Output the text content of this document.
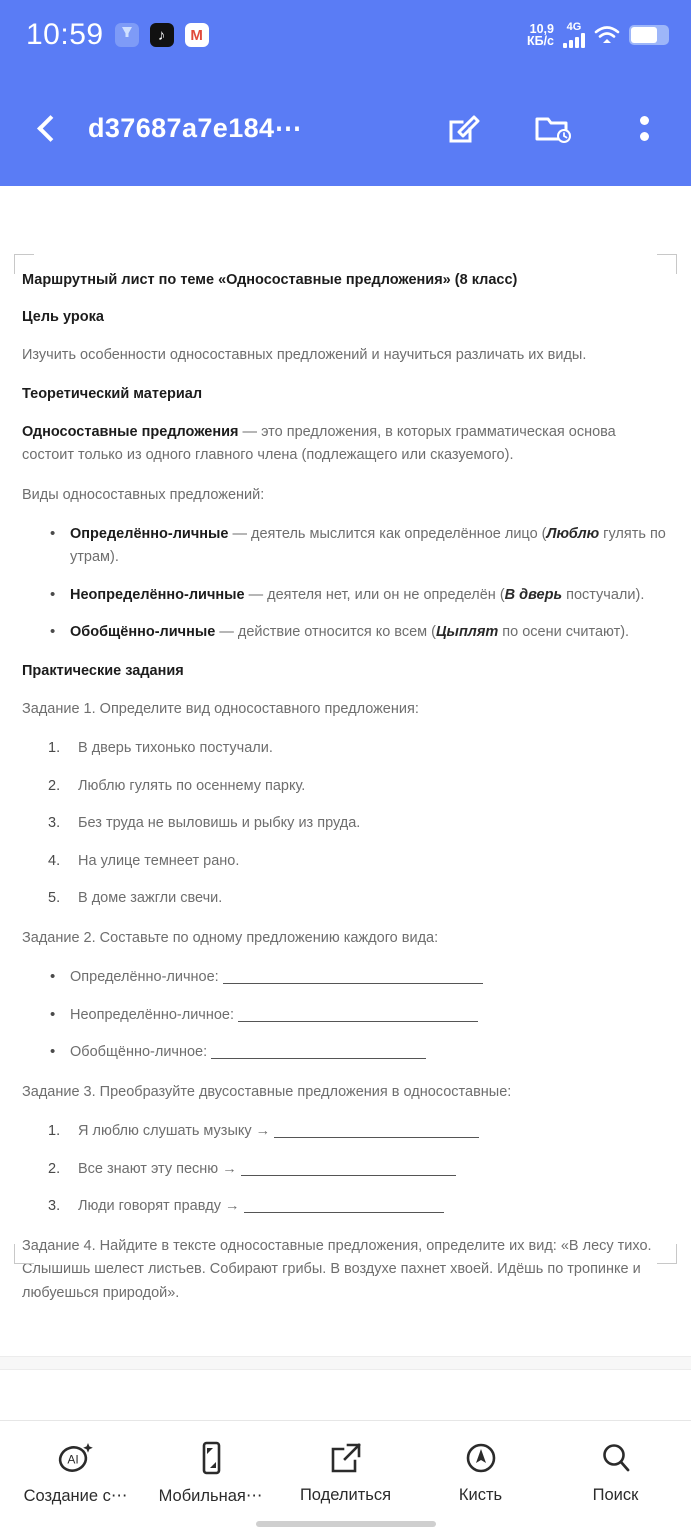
10:59 ♪ M	10,9
КБ/с
4G
d37687a7e184⋯
Маршрутный лист по теме «Односоставные предложения» (8 класс)
Цель урока
Изучить особенности односоставных предложений и научиться различать их виды.
Теоретический материал
Односоставные предложения — это предложения, в которых грамматическая основа состоит только из одного главного члена (подлежащего или сказуемого).
Виды односоставных предложений:
• Определённо-личные — деятель мыслится как определённое лицо (Люблю гулять по утрам).
• Неопределённо-личные — деятеля нет, или он не определён (В дверь постучали).
• Обобщённо-личные — действие относится ко всем (Цыплят по осени считают).
Практические задания
Задание 1. Определите вид односоставного предложения:
1. В дверь тихонько постучали.
2. Люблю гулять по осеннему парку.
3. Без труда не выловишь и рыбку из пруда.
4. На улице темнеет рано.
5. В доме зажгли свечи.
Задание 2. Составьте по одному предложению каждого вида:
• Определённо-личное:
• Неопределённо-личное:
• Обобщённо-личное:
Задание 3. Преобразуйте двусоставные предложения в односоставные:
1. Я люблю слушать музыку →
2. Все знают эту песню →
3. Люди говорят правду →
Задание 4. Найдите в тексте односоставные предложения, определите их вид: «В лесу тихо. Слышишь шелест листьев. Собирают грибы. В воздухе пахнет хвоей. Идёшь по тропинке и любуешься природой».
AI
Создание с⋯ Мобильная⋯ Поделиться	Кисть	Поиск
